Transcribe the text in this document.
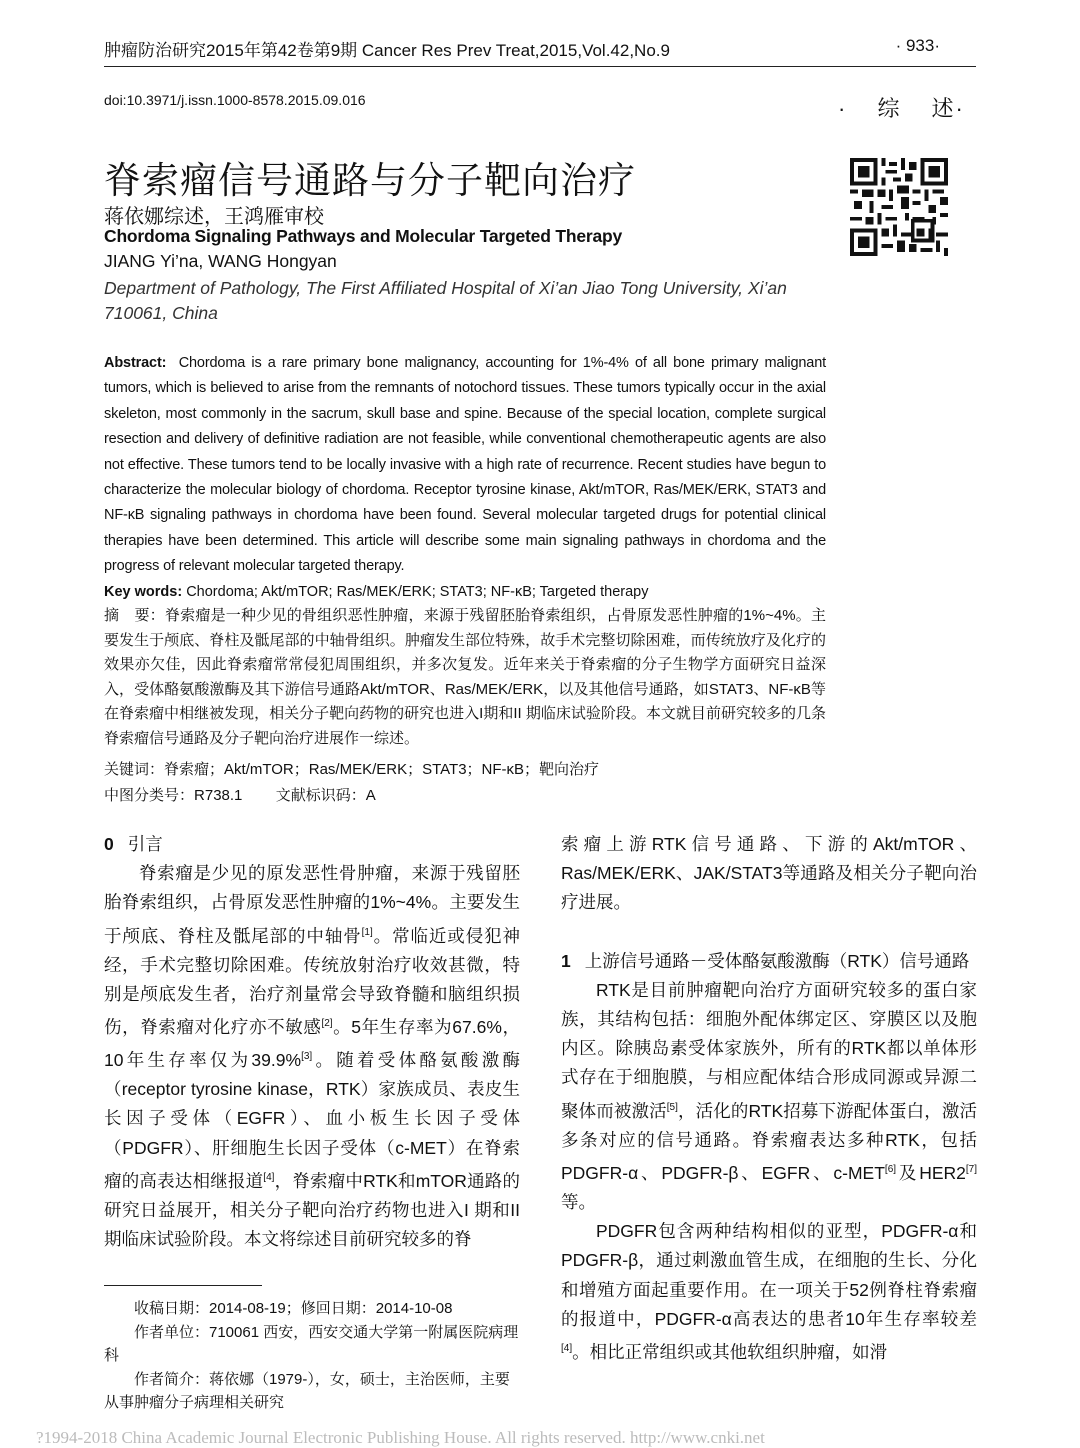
肿瘤防治研究2015年第42卷第9期 Cancer Res Prev Treat,2015,Vol.42,No.9	· 933·
doi:10.3971/j.issn.1000-8578.2015.09.016	· 综 述·
脊索瘤信号通路与分子靶向治疗
蒋依娜综述，王鸿雁审校
Chordoma Signaling Pathways and Molecular Targeted Therapy
JIANG Yi’na, WANG Hongyan
Department of Pathology, The First Affiliated Hospital of Xi’an Jiao Tong University, Xi’an 710061, China
Abstract: Chordoma is a rare primary bone malignancy, accounting for 1%-4% of all bone primary malignant tumors, which is believed to arise from the remnants of notochord tissues. These tumors typically occur in the axial skeleton, most commonly in the sacrum, skull base and spine. Because of the special location, complete surgical resection and delivery of definitive radiation are not feasible, while conventional chemotherapeutic agents are also not effective. These tumors tend to be locally invasive with a high rate of recurrence. Recent studies have begun to characterize the molecular biology of chordoma. Receptor tyrosine kinase, Akt/mTOR, Ras/MEK/ERK, STAT3 and NF-κB signaling pathways in chordoma have been found. Several molecular targeted drugs for potential clinical therapies have been determined. This article will describe some main signaling pathways in chordoma and the progress of relevant molecular targeted therapy.
Key words: Chordoma; Akt/mTOR; Ras/MEK/ERK; STAT3; NF-κB; Targeted therapy
摘　要：脊索瘤是一种少见的骨组织恶性肿瘤，来源于残留胚胎脊索组织，占骨原发恶性肿瘤的1%~4%。主要发生于颅底、脊柱及骶尾部的中轴骨组织。肿瘤发生部位特殊，故手术完整切除困难，而传统放疗及化疗的效果亦欠佳，因此脊索瘤常常侵犯周围组织，并多次复发。近年来关于脊索瘤的分子生物学方面研究日益深入，受体酪氨酸激酶及其下游信号通路Akt/mTOR、Ras/MEK/ERK，以及其他信号通路，如STAT3、NF-κB等在脊索瘤中相继被发现，相关分子靶向药物的研究也进入I期和II 期临床试验阶段。本文就目前研究较多的几条脊索瘤信号通路及分子靶向治疗进展作一综述。
关键词：脊索瘤；Akt/mTOR；Ras/MEK/ERK；STAT3；NF-κB；靶向治疗
中图分类号：R738.1 文献标识码：A
0 引言
脊索瘤是少见的原发恶性骨肿瘤，来源于残留胚胎脊索组织，占骨原发恶性肿瘤的1%~4%。主要发生于颅底、脊柱及骶尾部的中轴骨[1]。常临近或侵犯神经，手术完整切除困难。传统放射治疗收效甚微，特别是颅底发生者，治疗剂量常会导致脊髓和脑组织损伤，脊索瘤对化疗亦不敏感[2]。5年生存率为67.6%，10年生存率仅为39.9%[3]。随着受体酪氨酸激酶（receptor tyrosine kinase，RTK）家族成员、表皮生长因子受体（EGFR）、血小板生长因子受体（PDGFR）、肝细胞生长因子受体（c-MET）在脊索瘤的高表达相继报道[4]，脊索瘤中RTK和mTOR通路的研究日益展开，相关分子靶向治疗药物也进入I 期和II 期临床试验阶段。本文将综述目前研究较多的脊
索瘤上游RTK信号通路、下游的Akt/mTOR、Ras/MEK/ERK、JAK/STAT3等通路及相关分子靶向治疗进展。
1 上游信号通路－受体酪氨酸激酶（RTK）信号通路
RTK是目前肿瘤靶向治疗方面研究较多的蛋白家族，其结构包括：细胞外配体绑定区、穿膜区以及胞内区。除胰岛素受体家族外，所有的RTK都以单体形式存在于细胞膜，与相应配体结合形成同源或异源二聚体而被激活[5]，活化的RTK招募下游配体蛋白，激活多条对应的信号通路。脊索瘤表达多种RTK，包括PDGFR-α、PDGFR-β、EGFR、c-MET[6]及HER2[7]等。
PDGFR包含两种结构相似的亚型，PDGFR-α和PDGFR-β，通过刺激血管生成，在细胞的生长、分化和增殖方面起重要作用。在一项关于52例脊柱脊索瘤的报道中，PDGFR-α高表达的患者10年生存率较差[4]。相比正常组织或其他软组织肿瘤，如滑
收稿日期：2014-08-19；修回日期：2014-10-08
作者单位：710061 西安，西安交通大学第一附属医院病理科
作者简介：蒋依娜（1979-），女，硕士，主治医师，主要从事肿瘤分子病理相关研究
?1994-2018 China Academic Journal Electronic Publishing House. All rights reserved. http://www.cnki.net
